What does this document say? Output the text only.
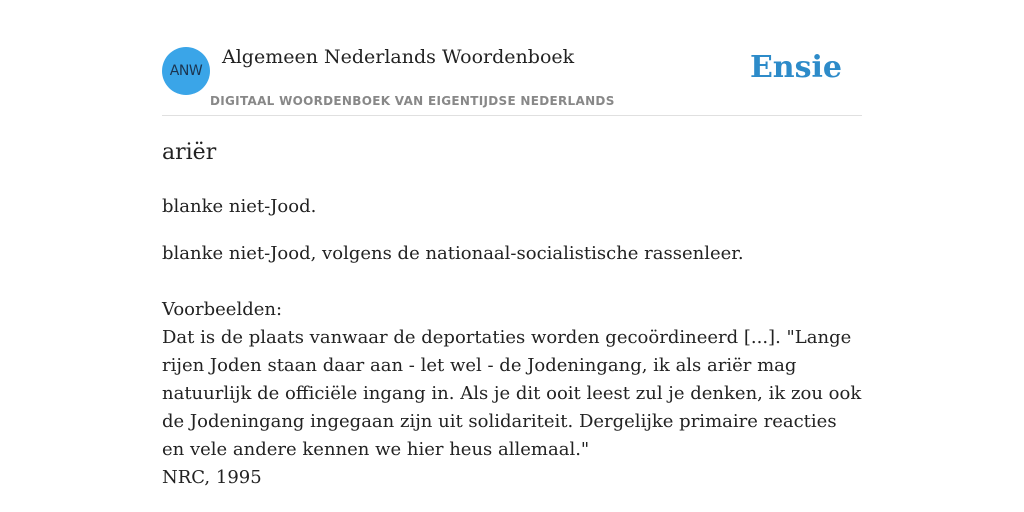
ANW
Algemeen Nederlands Woordenboek
DIGITAAL WOORDENBOEK VAN EIGENTIJDSE NEDERLANDS
Ensie
ariër
blanke niet-Jood.
blanke niet-Jood, volgens de nationaal-socialistische rassenleer.
Voorbeelden:
Dat is de plaats vanwaar de deportaties worden gecoördineerd [...]. "Lange rijen Joden staan daar aan - let wel - de Jodeningang, ik als ariër mag natuurlijk de officiële ingang in. Als je dit ooit leest zul je denken, ik zou ook de Jodeningang ingegaan zijn uit solidariteit. Dergelijke primaire reacties en vele andere kennen we hier heus allemaal."
NRC, 1995
